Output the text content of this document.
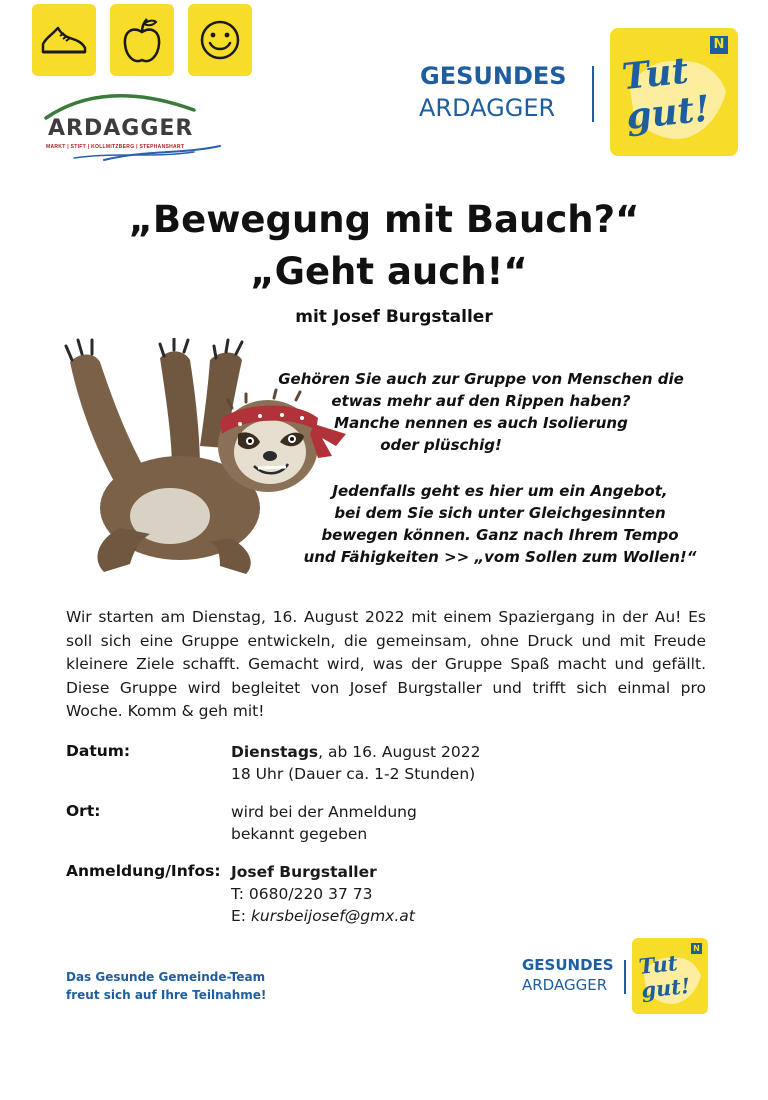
ARDAGGER
MARKT | STIFT | KOLLMITZBERG | STEPHANSHART
GESUNDES
ARDAGGER
Tut gut!
N
„Bewegung mit Bauch?“
„Geht auch!“
mit Josef Burgstaller
Gehören Sie auch zur Gruppe von Menschen die
etwas mehr auf den Rippen haben?
Manche nennen es auch Isolierung
oder plüschig!
Jedenfalls geht es hier um ein Angebot,
bei dem Sie sich unter Gleichgesinnten
bewegen können. Ganz nach Ihrem Tempo
und Fähigkeiten >> „vom Sollen zum Wollen!“
Wir starten am Dienstag, 16. August 2022 mit einem Spaziergang in der Au! Es soll sich eine Gruppe entwickeln, die gemeinsam, ohne Druck und mit Freude kleinere Ziele schafft. Gemacht wird, was der Gruppe Spaß macht und gefällt. Diese Gruppe wird begleitet von Josef Burgstaller und trifft sich einmal pro Woche. Komm & geh mit!
Datum:	Dienstags, ab 16. August 2022
18 Uhr (Dauer ca. 1-2 Stunden)
Ort:	wird bei der Anmeldung
bekannt gegeben
Anmeldung/Infos: Josef Burgstaller
T: 0680/220 37 73
E: kursbeijosef@gmx.at
Das Gesunde Gemeinde-Team
freut sich auf Ihre Teilnahme!
GESUNDES
ARDAGGER
Tut gut!
N
